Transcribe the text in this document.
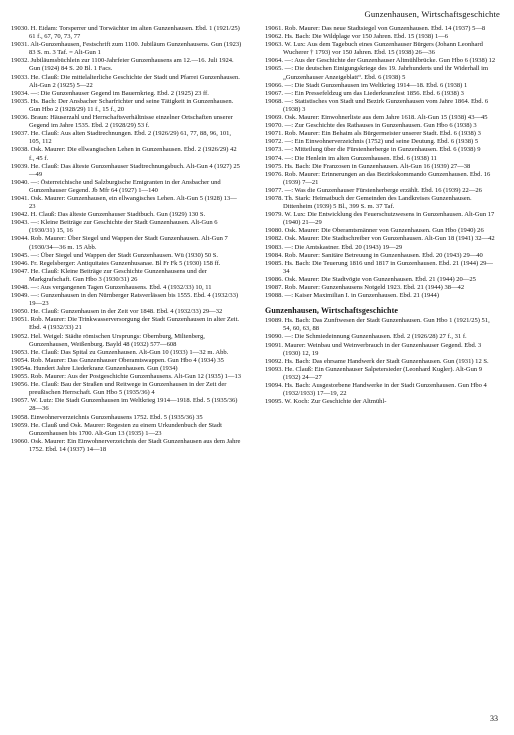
Gunzenhausen, Wirtschaftsgeschichte

19030. H. Eidam: Torsperrer und Torwächter im alten Gunzenhausen. Ebd. 1 (1921/25) 61 f., 67, 70, 73, 77

19031. Alt-Gunzenhausen, Festschrift zum 1100. Jubiläum Gunzenhausens. Gun (1923) 83 S. m. 3 Taf. = Alt-Gun 1

19032. Jubiläumsbüchlein zur 1100-Jahrfeier Gunzenhausens am 12.—16. Juli 1924. Gun (1924) 84 S. 20 Bl. 1 Facs.

19033. He. Clauß: Die mittelalterliche Geschichte der Stadt und Pfarrei Gunzenhausen. Alt-Gun 2 (1925) 5—22

19034. —: Die Gunzenhauser Gegend im Bauernkrieg. Ebd. 2 (1925) 23 ff.

19035. Hs. Bach: Der Ansbacher Scharfrichter und seine Tätigkeit in Gunzenhausen. Gun Hbo 2 (1928/29) 11 f., 15 f., 20

19036. Braun: Häuserzahl und Herrschaftsverhältnisse einzelner Ortschaften unserer Gegend im Jahre 1535. Ebd. 2 (1928/29) 53 f.

19037. He. Clauß: Aus alten Stadtrechnungen. Ebd. 2 (1926/29) 61, 77, 88, 96, 101, 105, 112

19038. Osk. Maurer: Die ellwangischen Lehen in Gunzenhausen. Ebd. 2 (1926/29) 42 f., 45 f.

19039. He. Clauß: Das älteste Gunzenhauser Stadtrechnungsbuch. Alt-Gun 4 (1927) 25—49

19040. —: Österreichische und Salzburgische Emigranten in der Ansbacher und Gunzenhauser Gegend. Jb Mfr 64 (1927) 1—140

19041. Osk. Maurer: Gunzenhausen, ein ellwangisches Lehen. Alt-Gun 5 (1928) 13—23

19042. H. Clauß: Das älteste Gunzenhauser Stadtbuch. Gun (1929) 130 S.

19043. —: Kleine Beiträge zur Geschichte der Stadt Gunzenhausen. Alt-Gun 6 (1930/31) 15, 16

19044. Rob. Maurer: Über Siegel und Wappen der Stadt Gunzenhausen. Alt-Gun 7 (1930/34—36 m. 15 Abb.

19045. —: Über Siegel und Wappen der Stadt Gunzenhausen. Wü (1930) 50 S.

19046. Fr. Regelsberger: Antiquitates Gunzenhusanae. Bl Fr Fk 5 (1930) 158 ff.

19047. He. Clauß: Kleine Beiträge zur Geschichte Gunzenhausens und der Markgrafschaft. Gun Hbo 3 (1930/31) 26

19048. —: Aus vergangenen Tagen Gunzenhausens. Ebd. 4 (1932/33) 10, 11

19049. —: Gunzenhausen in den Nürnberger Ratsverlässen bis 1555. Ebd. 4 (1932/33) 19—23

19050. He. Clauß: Gunzenhausen in der Zeit vor 1848. Ebd. 4 (1932/33) 29—32

19051. Rob. Maurer: Die Trinkwasserversorgung der Stadt Gunzenhausen in alter Zeit. Ebd. 4 (1932/33) 21

19052. Hel. Weigel: Städte römischen Ursprungs: Obernburg, Miltenberg, Gunzenhausen, Weißenburg. Bayld 48 (1932) 577—608

19053. He. Clauß: Das Spital zu Gunzenhausen. Alt-Gun 10 (1933) 1—32 m. Abb.

19054. Rob. Maurer: Das Gunzenhauser Oberamtswappen. Gun Hbo 4 (1934) 35

19054a. Hundert Jahre Liederkranz Gunzenhausen. Gun (1934)

19055. Rob. Maurer: Aus der Postgeschichte Gunzenhausens. Alt-Gun 12 (1935) 1—13

19056. He. Clauß: Bau der Straßen und Reitwege in Gunzenhausen in der Zeit der preußischen Herrschaft. Gun Hbo 5 (1935/36) 4

19057. W. Lutz: Die Stadt Gunzenhausen im Weltkrieg 1914—1918. Ebd. 5 (1935/36) 28—36

19058. Einwohnerverzeichnis Gunzenhausens 1752. Ebd. 5 (1935/36) 35

19059. He. Clauß und Osk. Maurer: Regesten zu einem Urkundenbuch der Stadt Gunzenhausen bis 1700. Alt-Gun 13 (1935) 1—23

19060. Osk. Maurer: Ein Einwohnerverzeichnis der Stadt Gunzenhausen aus dem Jahre 1752. Ebd. 14 (1937) 14—18

19061. Rob. Maurer: Das neue Stadtsiegel von Gunzenhausen. Ebd. 14 (1937) 5—8

19062. Hs. Bach: Die Wildplage vor 150 Jahren. Ebd. 15 (1938) 1—6

19063. W. Lux: Aus dem Tagebuch eines Gunzenhauser Bürgers (Johann Leonhard Wucherer † 1793) vor 150 Jahren. Ebd. 15 (1938) 26—36

19064. —: Aus der Geschichte der Gunzenhauser Altmühlbrücke. Gun Hbo 6 (1938) 12

19065. —: Die deutschen Einigungskriege des 19. Jahrhunderts und ihr Widerhall im „Gunzenhauser Anzeigeblatt“. Ebd. 6 (1938) 5

19066. —: Die Stadt Gunzenhausen im Weltkrieg 1914—18. Ebd. 6 (1938) 1

19067. —: Ein Pressefeldzug um das Liederkranzfest 1856. Ebd. 6 (1938) 3

19068. —: Statistisches von Stadt und Bezirk Gunzenhausen vom Jahre 1864. Ebd. 6 (1938) 3

19069. Osk. Maurer: Einwohnerliste aus dem Jahre 1618. Alt-Gun 15 (1938) 43—45

19070. —: Zur Geschichte des Rathauses in Gunzenhausen. Gun Hbo 6 (1938) 3

19071. Rob. Maurer: Ein Behaim als Bürgermeister unserer Stadt. Ebd. 6 (1938) 3

19072. —: Ein Einwohnerverzeichnis (1752) und seine Deutung. Ebd. 6 (1938) 5

19073. —: Mitteilung über die Fürstenherberge in Gunzenhausen. Ebd. 6 (1938) 9

19074. —: Die Henlein im alten Gunzenhausen. Ebd. 6 (1938) 11

19075. Hs. Bach: Die Franzosen in Gunzenhausen. Alt-Gun 16 (1939) 27—38

19076. Rob. Maurer: Erinnerungen an das Bezirkskommando Gunzenhausen. Ebd. 16 (1939) 7—21

19077. —: Was die Gunzenhauser Fürstenherberge erzählt. Ebd. 16 (1939) 22—26

19078. Th. Stark: Heimatbuch der Gemeinden des Landkreises Gunzenhausen. Dittenheim (1939) 5 Bl., 399 S. m. 37 Taf.

19079. W. Lux: Die Entwicklung des Feuerschutzwesens in Gunzenhausen. Alt-Gun 17 (1940) 21—29

19080. Osk. Maurer: Die Oberamtsmänner von Gunzenhausen. Gun Hbo (1940) 26

19082. Osk. Maurer: Die Stadtschreiber von Gunzenhausen. Alt-Gun 18 (1941) 32—42

19083. —: Die Amtskastner. Ebd. 20 (1943) 19—29

19084. Rob. Maurer: Sanitäre Betreuung in Gunzenhausen. Ebd. 20 (1943) 29—40

19085. Hs. Bach: Die Teuerung 1816 und 1817 in Gunzenhausen. Ebd. 21 (1944) 29—34

19086. Osk. Maurer: Die Stadtvögte von Gunzenhausen. Ebd. 21 (1944) 20—25

19087. Rob. Maurer: Gunzenhausens Notgeld 1923. Ebd. 21 (1944) 38—42

19088. —: Kaiser Maximilian I. in Gunzenhausen. Ebd. 21 (1944)

Gunzenhausen, Wirtschaftsgeschichte

19089. Hs. Bach: Das Zunftwesen der Stadt Gunzenhausen. Gun Hbo 1 (1921/25) 51, 54, 60, 63, 88

19090. —: Die Schmiedeinnung Gunzenhausen. Ebd. 2 (1926/28) 27 f., 31 f.

19091. Maurer: Weinbau und Weinverbrauch in der Gunzenhauser Gegend. Ebd. 3 (1930) 12, 19

19092. Hs. Bach: Das ehrsame Handwerk der Stadt Gunzenhausen. Gun (1931) 12 S.

19093. He. Clauß: Ein Gunzenhauser Salpetersieder (Leonhard Kugler). Alt-Gun 9 (1932) 24—27

19094. Hs. Bach: Ausgestorbene Handwerke in der Stadt Gunzenhausen. Gun Hbo 4 (1932/1933) 17—19, 22

19095. W. Koch: Zur Geschichte der Altmühl-

33
